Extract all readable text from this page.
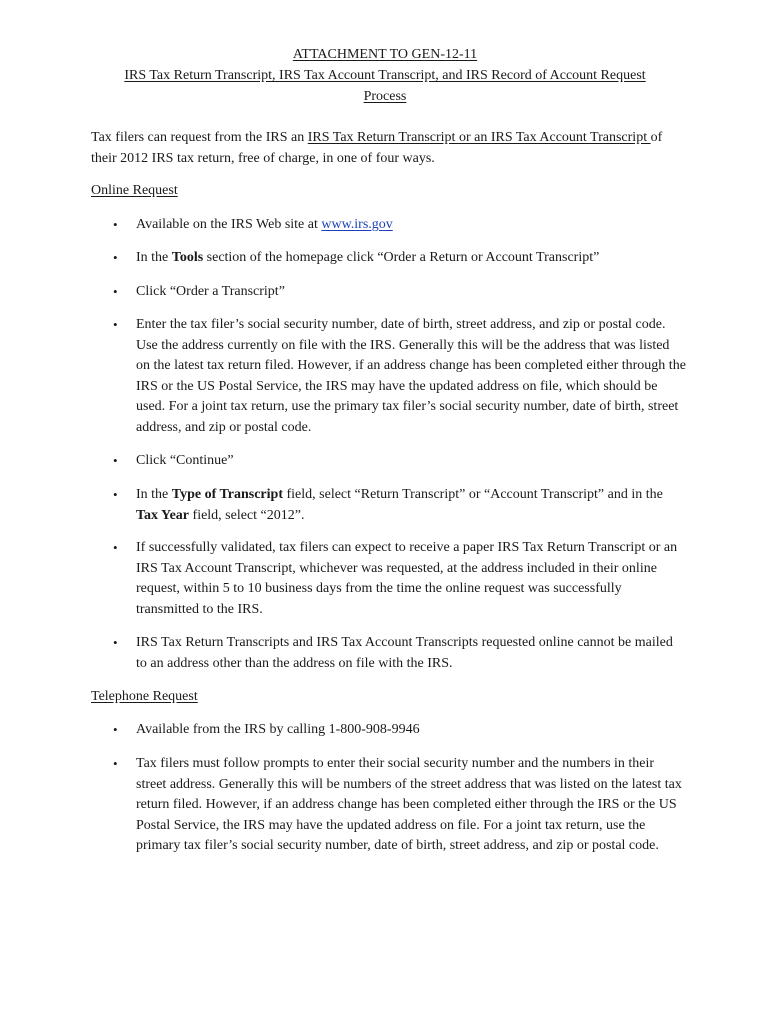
ATTACHMENT TO GEN-12-11
IRS Tax Return Transcript, IRS Tax Account Transcript, and IRS Record of Account Request
Process
Tax filers can request from the IRS an IRS Tax Return Transcript or an IRS Tax Account Transcript of their 2012 IRS tax return, free of charge, in one of four ways.
Online Request
• Available on the IRS Web site at www.irs.gov
• In the Tools section of the homepage click “Order a Return or Account Transcript”
• Click “Order a Transcript”
• Enter the tax filer’s social security number, date of birth, street address, and zip or postal code. Use the address currently on file with the IRS. Generally this will be the address that was listed on the latest tax return filed. However, if an address change has been completed either through the IRS or the US Postal Service, the IRS may have the updated address on file, which should be used. For a joint tax return, use the primary tax filer’s social security number, date of birth, street address, and zip or postal code.
• Click “Continue”
• In the Type of Transcript field, select “Return Transcript” or “Account Transcript” and in the Tax Year field, select “2012”.
• If successfully validated, tax filers can expect to receive a paper IRS Tax Return Transcript or an IRS Tax Account Transcript, whichever was requested, at the address included in their online request, within 5 to 10 business days from the time the online request was successfully transmitted to the IRS.
• IRS Tax Return Transcripts and IRS Tax Account Transcripts requested online cannot be mailed to an address other than the address on file with the IRS.
Telephone Request
• Available from the IRS by calling 1-800-908-9946
• Tax filers must follow prompts to enter their social security number and the numbers in their street address. Generally this will be numbers of the street address that was listed on the latest tax return filed. However, if an address change has been completed either through the IRS or the US Postal Service, the IRS may have the updated address on file. For a joint tax return, use the primary tax filer’s social security number, date of birth, street address, and zip or postal code.
